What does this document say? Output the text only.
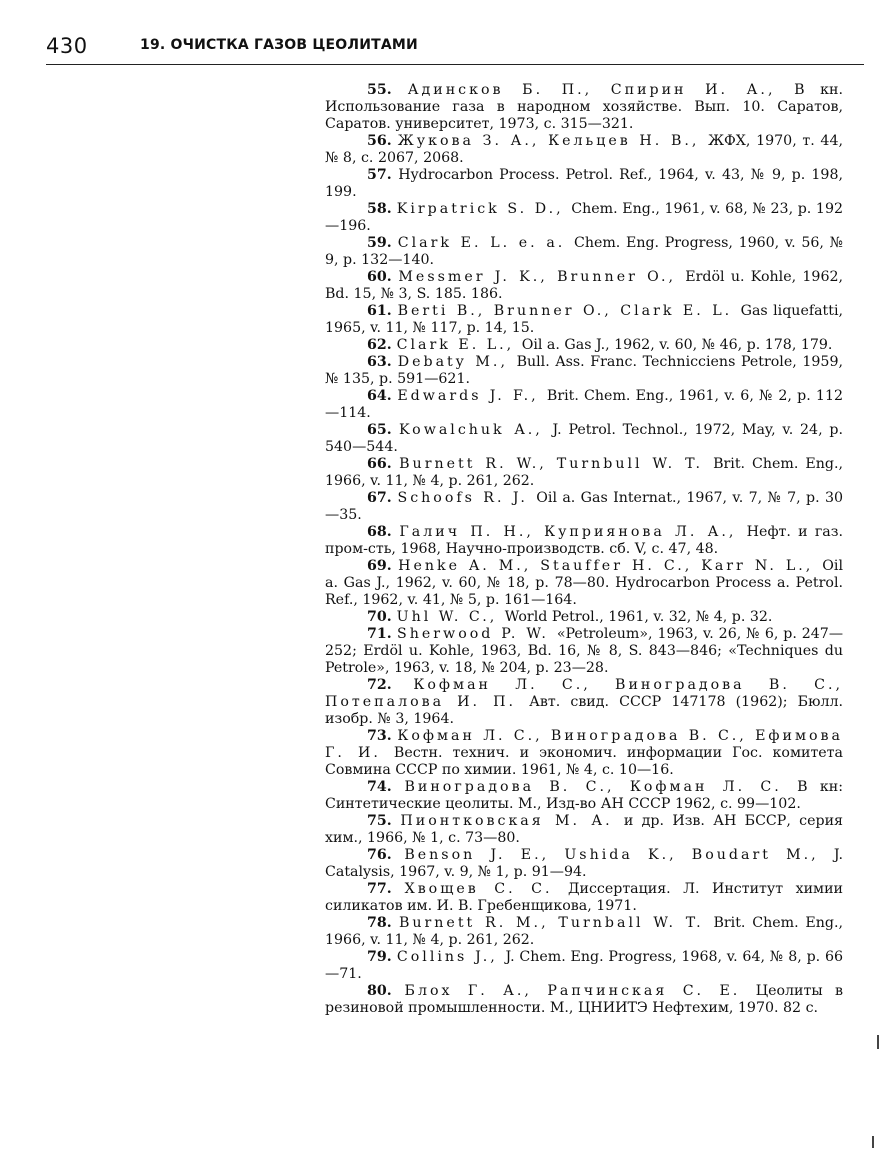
430	19. ОЧИСТКА ГАЗОВ ЦЕОЛИТАМИ

55. Адинсков Б. П., Спирин И. А., В кн. Использование газа в народном хозяйстве. Вып. 10. Саратов, Саратов. университет, 1973, с. 315—321.

56. Жукова З. А., Кельцев Н. В., ЖФХ, 1970, т. 44, № 8, с. 2067, 2068.

57. Hydrocarbon Process. Petrol. Ref., 1964, v. 43, № 9, p. 198, 199.

58. Kirpatrick S. D., Chem. Eng., 1961, v. 68, № 23, p. 192—196.

59. Clark E. L. e. a. Chem. Eng. Progress, 1960, v. 56, № 9, p. 132—140.

60. Messmer J. K., Brunner O., Erdöl u. Kohle, 1962, Bd. 15, № 3, S. 185. 186.

61. Berti B., Brunner O., Clark E. L. Gas liquefatti, 1965, v. 11, № 117, p. 14, 15.

62. Clark E. L., Oil a. Gas J., 1962, v. 60, № 46, p. 178, 179.

63. Debaty M., Bull. Ass. Franc. Technicciens Petrole, 1959, № 135, p. 591—621.

64. Edwards J. F., Brit. Chem. Eng., 1961, v. 6, № 2, p. 112—114.

65. Kowalchuk A., J. Petrol. Technol., 1972, May, v. 24, p. 540—544.

66. Burnett R. W., Turnbull W. T. Brit. Chem. Eng., 1966, v. 11, № 4, p. 261, 262.

67. Schoofs R. J. Oil a. Gas Internat., 1967, v. 7, № 7, p. 30—35.

68. Галич П. Н., Куприянова Л. А., Нефт. и газ. пром-сть, 1968, Научно-производств. сб. V, с. 47, 48.

69. Henke A. M., Stauffer H. C., Karr N. L., Oil a. Gas J., 1962, v. 60, № 18, p. 78—80. Hydrocarbon Process a. Petrol. Ref., 1962, v. 41, № 5, p. 161—164.

70. Uhl W. C., World Petrol., 1961, v. 32, № 4, p. 32.

71. Sherwood P. W. «Petroleum», 1963, v. 26, № 6, p. 247—252; Erdöl u. Kohle, 1963, Bd. 16, № 8, S. 843—846; «Techniques du Petrole», 1963, v. 18, № 204, p. 23—28.

72. Кофман Л. С., Виноградова В. С., Потепалова И. П. Авт. свид. СССР 147178 (1962); Бюлл. изобр. № 3, 1964.

73. Кофман Л. С., Виноградова В. С., Ефимова Г. И. Вестн. технич. и экономич. информации Гос. комитета Совмина СССР по химии. 1961, № 4, с. 10—16.

74. Виноградова В. С., Кофман Л. С. В кн: Синтетические цеолиты. М., Изд-во АН СССР 1962, с. 99—102.

75. Пионтковская М. А. и др. Изв. АН БССР, серия хим., 1966, № 1, с. 73—80.

76. Benson J. E., Ushida K., Boudart M., J. Catalysis, 1967, v. 9, № 1, p. 91—94.

77. Хвощев С. С. Диссертация. Л. Институт химии силикатов им. И. В. Гребенщикова, 1971.

78. Burnett R. M., Turnball W. T. Brit. Chem. Eng., 1966, v. 11, № 4, p. 261, 262.

79. Collins J., J. Chem. Eng. Progress, 1968, v. 64, № 8, p. 66—71.

80. Блох Г. А., Рапчинская С. Е. Цеолиты в резиновой промышленности. М., ЦНИИТЭ Нефтехим, 1970. 82 с.
